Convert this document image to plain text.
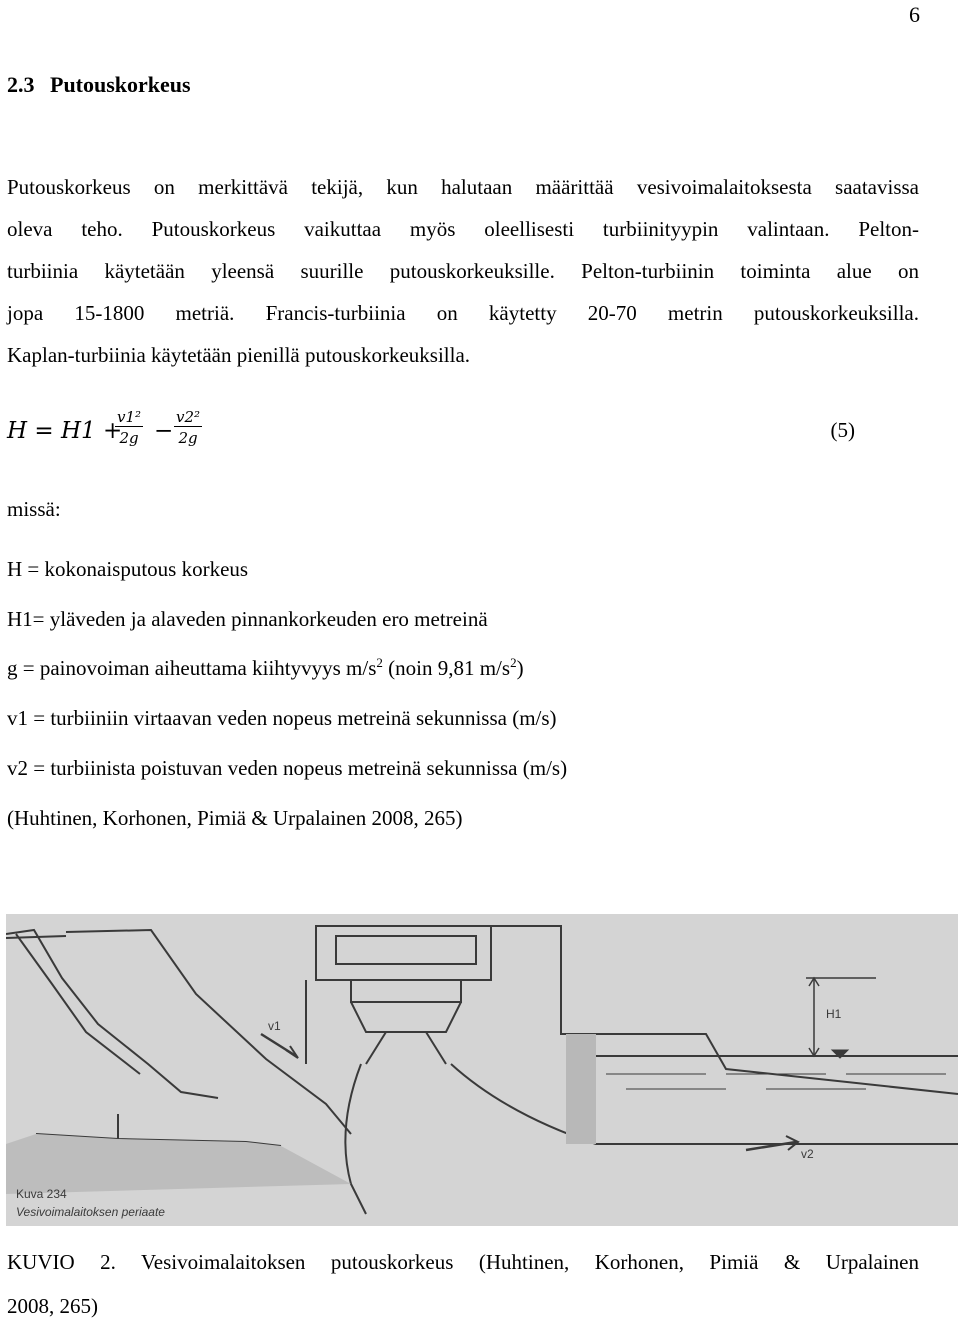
6
2.3 Putouskorkeus
Putouskorkeus on merkittävä tekijä, kun halutaan määrittää vesivoimalaitoksesta saatavissa
oleva teho. Putouskorkeus vaikuttaa myös oleellisesti turbiinityypin valintaan. Pelton-
turbiinia käytetään yleensä suurille putouskorkeuksille. Pelton-turbiinin toiminta alue on
jopa 15-1800 metriä. Francis-turbiinia on käytetty 20-70 metrin putouskorkeuksilla.
Kaplan-turbiinia käytetään pienillä putouskorkeuksilla.
H = H1 +
$\frac{\text{v1²}}{2g} - \frac{\text{v2²}}{2g}$	(5)
missä:
H = kokonaisputous korkeus
H1= yläveden ja alaveden pinnankorkeuden ero metreinä
g = painovoiman aiheuttama kiihtyvyys $m/s^2$ (noin 9,81 $m/s^2$)
v1 = turbiiniin virtaavan veden nopeus metreinä sekunnissa (m/s)
v2 = turbiinista poistuvan veden nopeus metreinä sekunnissa (m/s)
(Huhtinen, Korhonen, Pimiä & Urpalainen 2008, 265)
v1
v2
H1
Kuva 234
Vesivoimalaitoksen periaate
KUVIO 2. Vesivoimalaitoksen putouskorkeus (Huhtinen, Korhonen, Pimiä & Urpalainen
2008, 265)
